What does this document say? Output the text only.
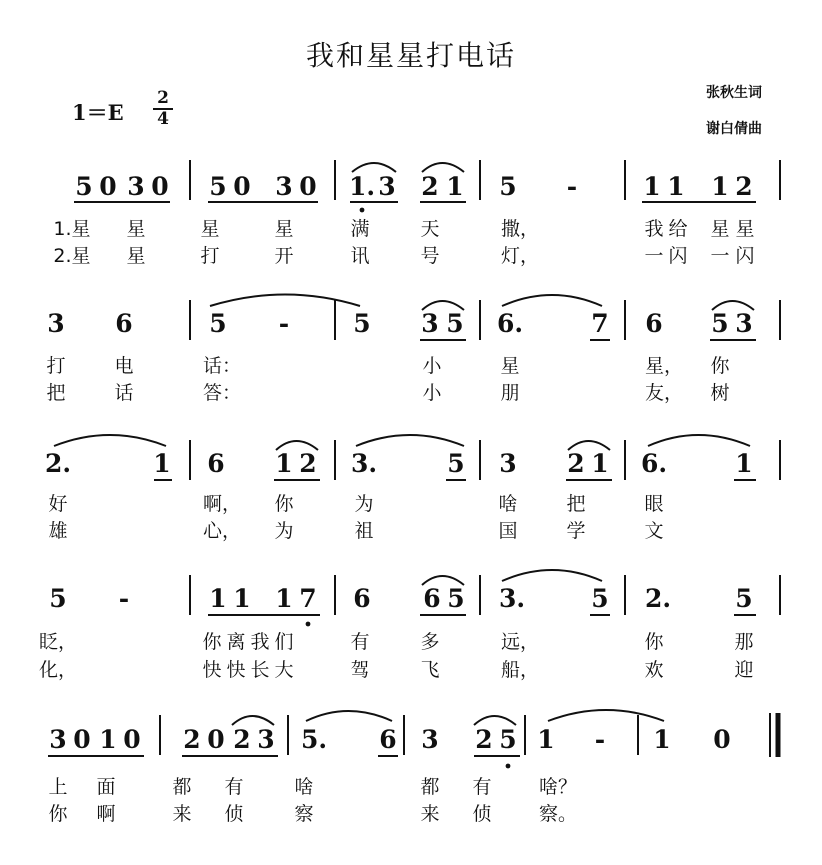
我和星星打电话
1＝E
2
4
张秋生词
谢白倩曲
5 0 3 0 5 0 3 0 1. 3 2 1 5 -	1 1 1 2
1.星 星	星	星	满	天	撒，	我 给 星 星
2.星 星	打	开	讯	号	灯，	一 闪 一 闪
3 6	5 -	5 3 5 6.	7 6 5 3
打	电	话：	小	星	星， 你
把	话	答：	小	朋	友， 树
2.	1 6 1 2 3.	5 3 2 1 6.	1
好	啊， 你	为	啥	把	眼
雄	心， 为	祖	国	学	文
5 -	1 1 1 7 6 6 5 3.	5 2.	5
眨，	你 离 我 们	有	多	远，	你	那
化，	快 快 长 大	驾	飞	船，	欢	迎
3 0 1 0 2 0 2 3 5. 6 3 2 5 1 - 1 0
上 面	都 有	啥	都 有 啥？
你 啊	来 侦	察	来 侦 察。
